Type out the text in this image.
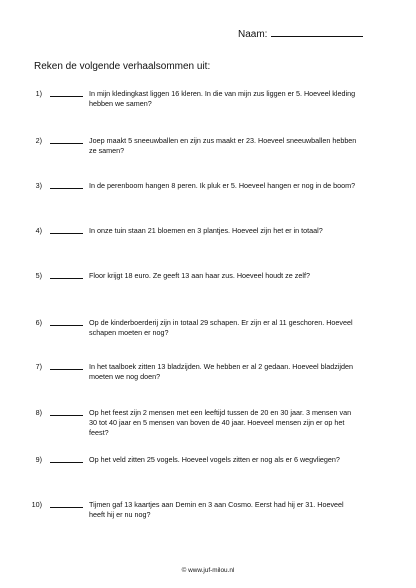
Naam:
Reken de volgende verhaalsommen uit:
1)	In mijn kledingkast liggen 16 kleren. In die van mijn zus liggen er 5. Hoeveel kleding hebben we samen?
2)	Joep maakt 5 sneeuwballen en zijn zus maakt er 23. Hoeveel sneeuwballen hebben ze samen?
3)	In de perenboom hangen 8 peren. Ik pluk er 5. Hoeveel hangen er nog in de boom?
4)	In onze tuin staan 21 bloemen en 3 plantjes. Hoeveel zijn het er in totaal?
5)	Floor krijgt 18 euro. Ze geeft 13 aan haar zus. Hoeveel houdt ze zelf?
6)	Op de kinderboerderij zijn in totaal 29 schapen. Er zijn er al 11 geschoren. Hoeveel schapen moeten er nog?
7)	In het taalboek zitten 13 bladzijden. We hebben er al 2 gedaan. Hoeveel bladzijden moeten we nog doen?
8)	Op het feest zijn 2 mensen met een leeftijd tussen de 20 en 30 jaar. 3 mensen van 30 tot 40 jaar en 5 mensen van boven de 40 jaar. Hoeveel mensen zijn er op het feest?
9)	Op het veld zitten 25 vogels. Hoeveel vogels zitten er nog als er 6 wegvliegen?
10)	Tijmen gaf 13 kaartjes aan Demin en 3 aan Cosmo. Eerst had hij er 31. Hoeveel heeft hij er nu nog?
© www.juf-milou.nl
